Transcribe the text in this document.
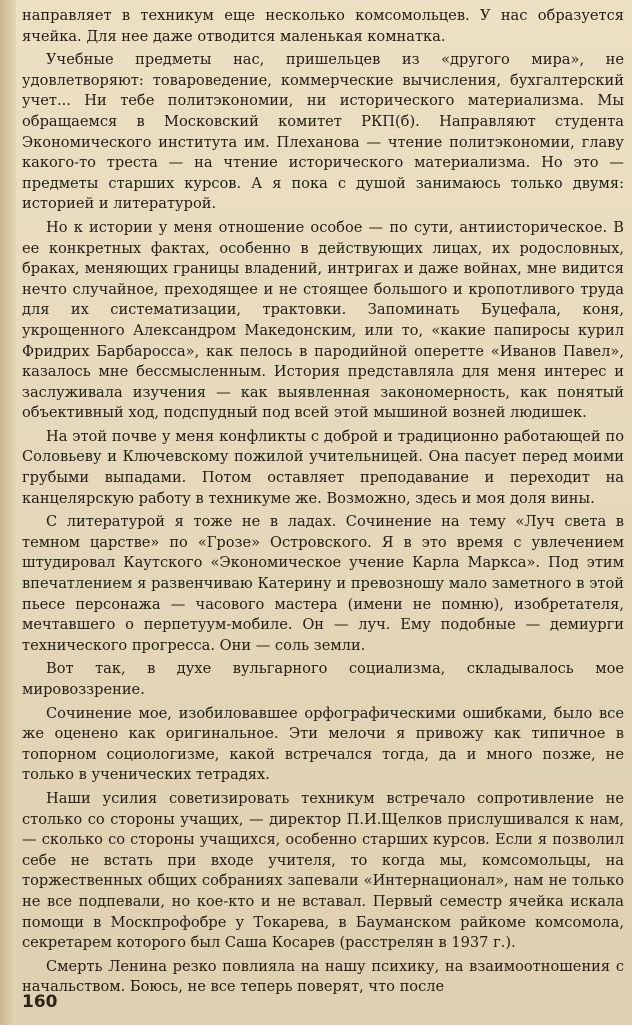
направляет в техникум еще несколько комсомольцев. У нас образуется ячейка. Для нее даже отводится маленькая комнатка.

Учебные предметы нас, пришельцев из «другого мира», не удовлетворяют: товароведение, коммерческие вычисления, бухгалтерский учет... Ни тебе политэкономии, ни исторического материализма. Мы обращаемся в Московский комитет РКП(б). Направляют студента Экономического института им. Плеханова — чтение политэкономии, главу какого-то треста — на чтение исторического материализма. Но это — предметы старших курсов. А я пока с душой занимаюсь только двумя: историей и литературой.

Но к истории у меня отношение особое — по сути, антиисторическое. В ее конкретных фактах, особенно в действующих лицах, их родословных, браках, меняющих границы владений, интригах и даже войнах, мне видится нечто случайное, преходящее и не стоящее большого и кропотливого труда для их систематизации, трактовки. Запоминать Буцефала, коня, укрощенного Александром Македонским, или то, «какие папиросы курил Фридрих Барбаросса», как пелось в пародийной оперетте «Иванов Павел», казалось мне бессмысленным. История представляла для меня интерес и заслуживала изучения — как выявленная закономерность, как понятый объективный ход, подспудный под всей этой мышиной возней людишек.

На этой почве у меня конфликты с доброй и традиционно работающей по Соловьеву и Ключевскому пожилой учительницей. Она пасует перед моими грубыми выпадами. Потом оставляет преподавание и переходит на канцелярскую работу в техникуме же. Возможно, здесь и моя доля вины.

С литературой я тоже не в ладах. Сочинение на тему «Луч света в темном царстве» по «Грозе» Островского. Я в это время с увлечением штудировал Каутского «Экономическое учение Карла Маркса». Под этим впечатлением я развенчиваю Катерину и превозношу мало заметного в этой пьесе персонажа — часового мастера (имени не помню), изобретателя, мечтавшего о перпетуум-мобиле. Он — луч. Ему подобные — демиурги технического прогресса. Они — соль земли.

Вот так, в духе вульгарного социализма, складывалось мое мировоззрение.

Сочинение мое, изобиловавшее орфографическими ошибками, было все же оценено как оригинальное. Эти мелочи я привожу как типичное в топорном социологизме, какой встречался тогда, да и много позже, не только в ученических тетрадях.

Наши усилия советизировать техникум встречало сопротивление не столько со стороны учащих, — директор П.И.Щелков прислушивался к нам, — сколько со стороны учащихся, особенно старших курсов. Если я позволил себе не встать при входе учителя, то когда мы, комсомольцы, на торжественных общих собраниях запевали «Интернационал», нам не только не все подпевали, но кое-кто и не вставал. Первый семестр ячейка искала помощи в Москпрофобре у Токарева, в Бауманском райкоме комсомола, секретарем которого был Саша Косарев (расстрелян в 1937 г.).

Смерть Ленина резко повлияла на нашу психику, на взаимоотношения с начальством. Боюсь, не все теперь поверят, что после

160
